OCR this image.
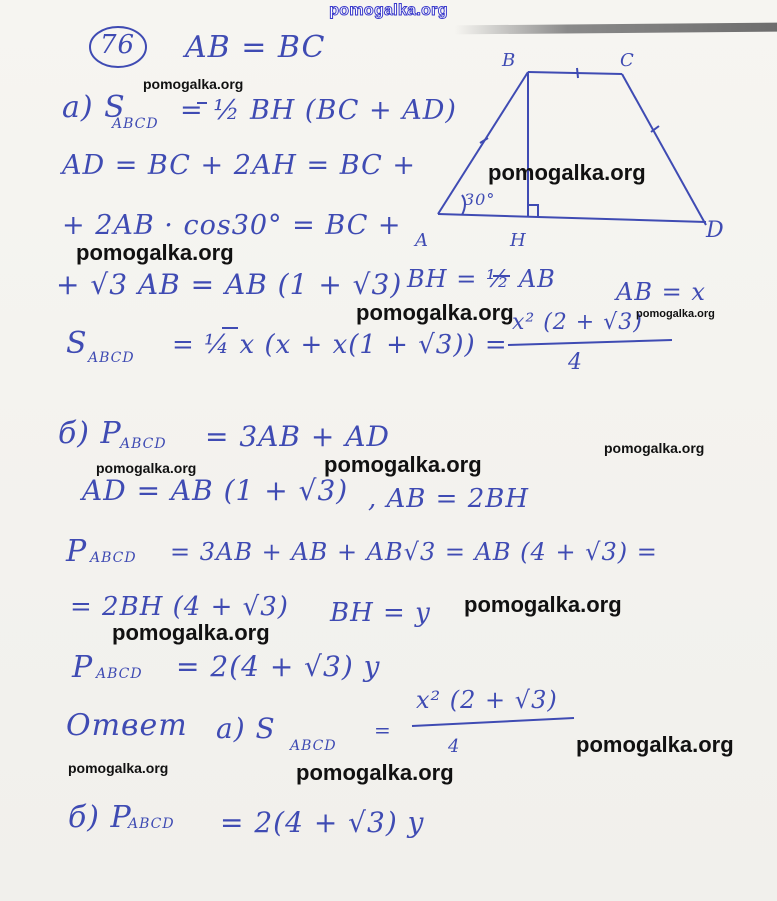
pomogalka.org
76 AB = BC	B	C
A	H	D
30°
a) S
ABCD = ½ BH (BC + AD)
AD = BC + 2AH = BC +
+ 2AB · cos30° = BC +
+ √3 AB = AB (1 + √3) BH = ½ AB	AB = x
S ABCD = ¼ x (x + x(1 + √3)) =
x² (2 + √3)
4
б) P
ABCD = 3AB + AD
AD = AB (1 + √3) , AB = 2BH
P ABCD = 3AB + AB + AB√3 = AB (4 + √3) =
= 2BH (4 + √3) BH = y
P ABCD = 2(4 + √3) y
Ответ a) S
ABCD
=
x² (2 + √3)
4
б) P
ABCD = 2(4 + √3) y
pomogalka.org
pomogalka.org
pomogalka.org
pomogalka.org	pomogalka.org
pomogalka.org
pomogalka.org	pomogalka.org
pomogalka.org
pomogalka.org
pomogalka.org
pomogalka.org	pomogalka.org
